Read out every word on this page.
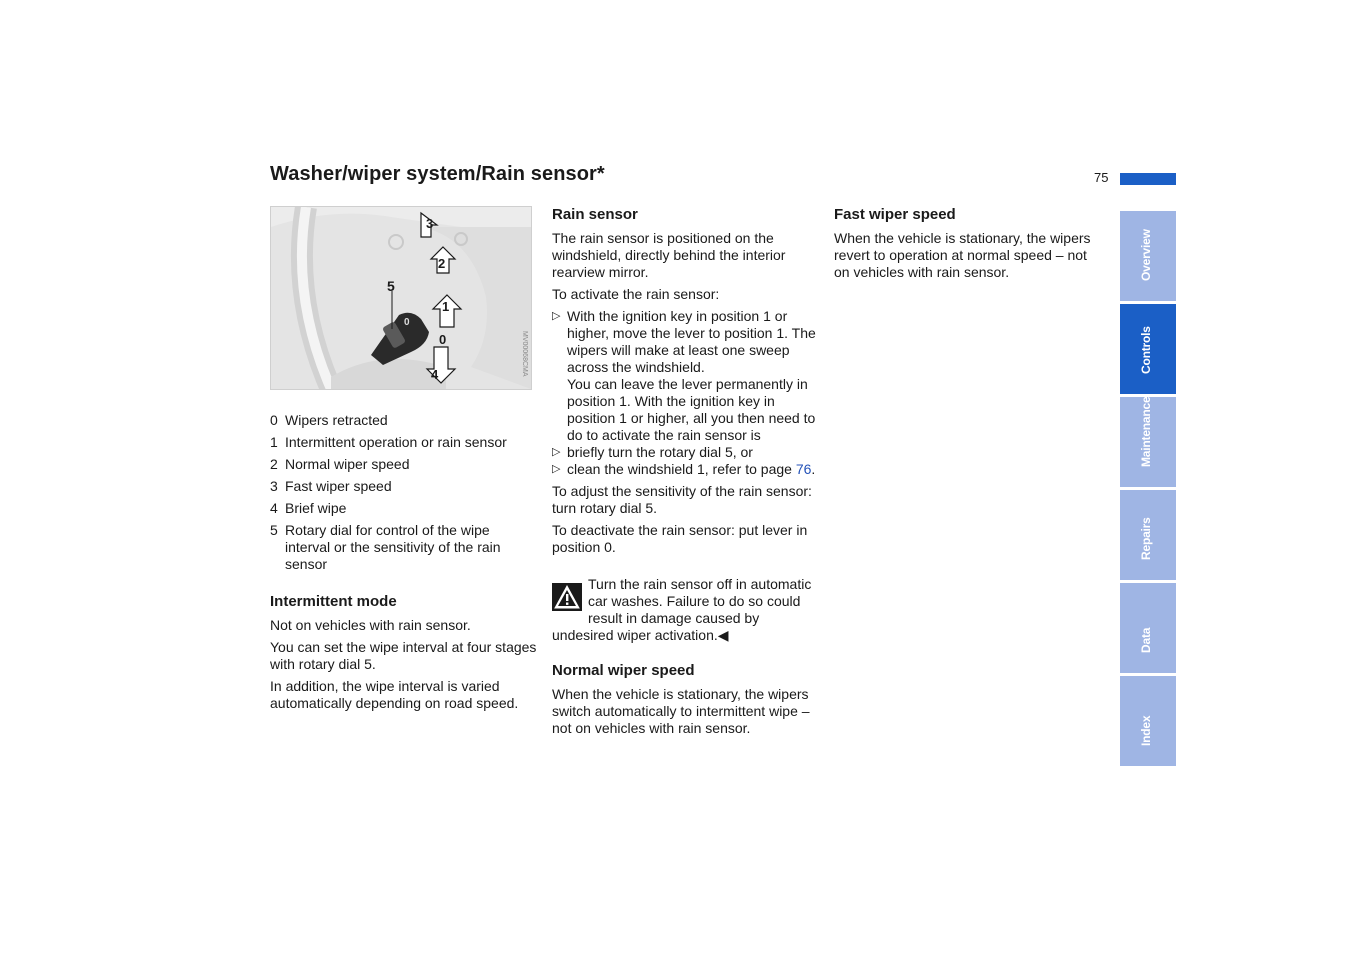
Washer/wiper system/Rain sensor*	75
0
5
3
2
1
0
4	MV00068CMA
0 Wipers retracted
1 Intermittent operation or rain sensor
2 Normal wiper speed
3 Fast wiper speed
4 Brief wipe
5 Rotary dial for control of the wipe interval or the sensitivity of the rain sensor
Intermittent mode

Not on vehicles with rain sensor.

You can set the wipe interval at four stages with rotary dial 5.

In addition, the wipe interval is varied automatically depending on road speed.

Rain sensor

The rain sensor is positioned on the windshield, directly behind the interior rearview mirror.

To activate the rain sensor:

▷ With the ignition key in position 1 or higher, move the lever to position 1. The wipers will make at least one sweep across the windshield.
You can leave the lever permanently in position 1. With the ignition key in position 1 or higher, all you then need to do to activate the rain sensor is
▷ briefly turn the rotary dial 5, or
▷ clean the windshield 1, refer to page 76.

To adjust the sensitivity of the rain sensor: turn rotary dial 5.

To deactivate the rain sensor: put lever in position 0.

Turn the rain sensor off in automatic car washes. Failure to do so could result in damage caused by undesired wiper activation.◀
Normal wiper speed

When the vehicle is stationary, the wipers switch automatically to intermittent wipe – not on vehicles with rain sensor.

Fast wiper speed

When the vehicle is stationary, the wipers revert to operation at normal speed – not on vehicles with rain sensor.	Overview
Controls
Maintenance
Repairs
Data
Index
